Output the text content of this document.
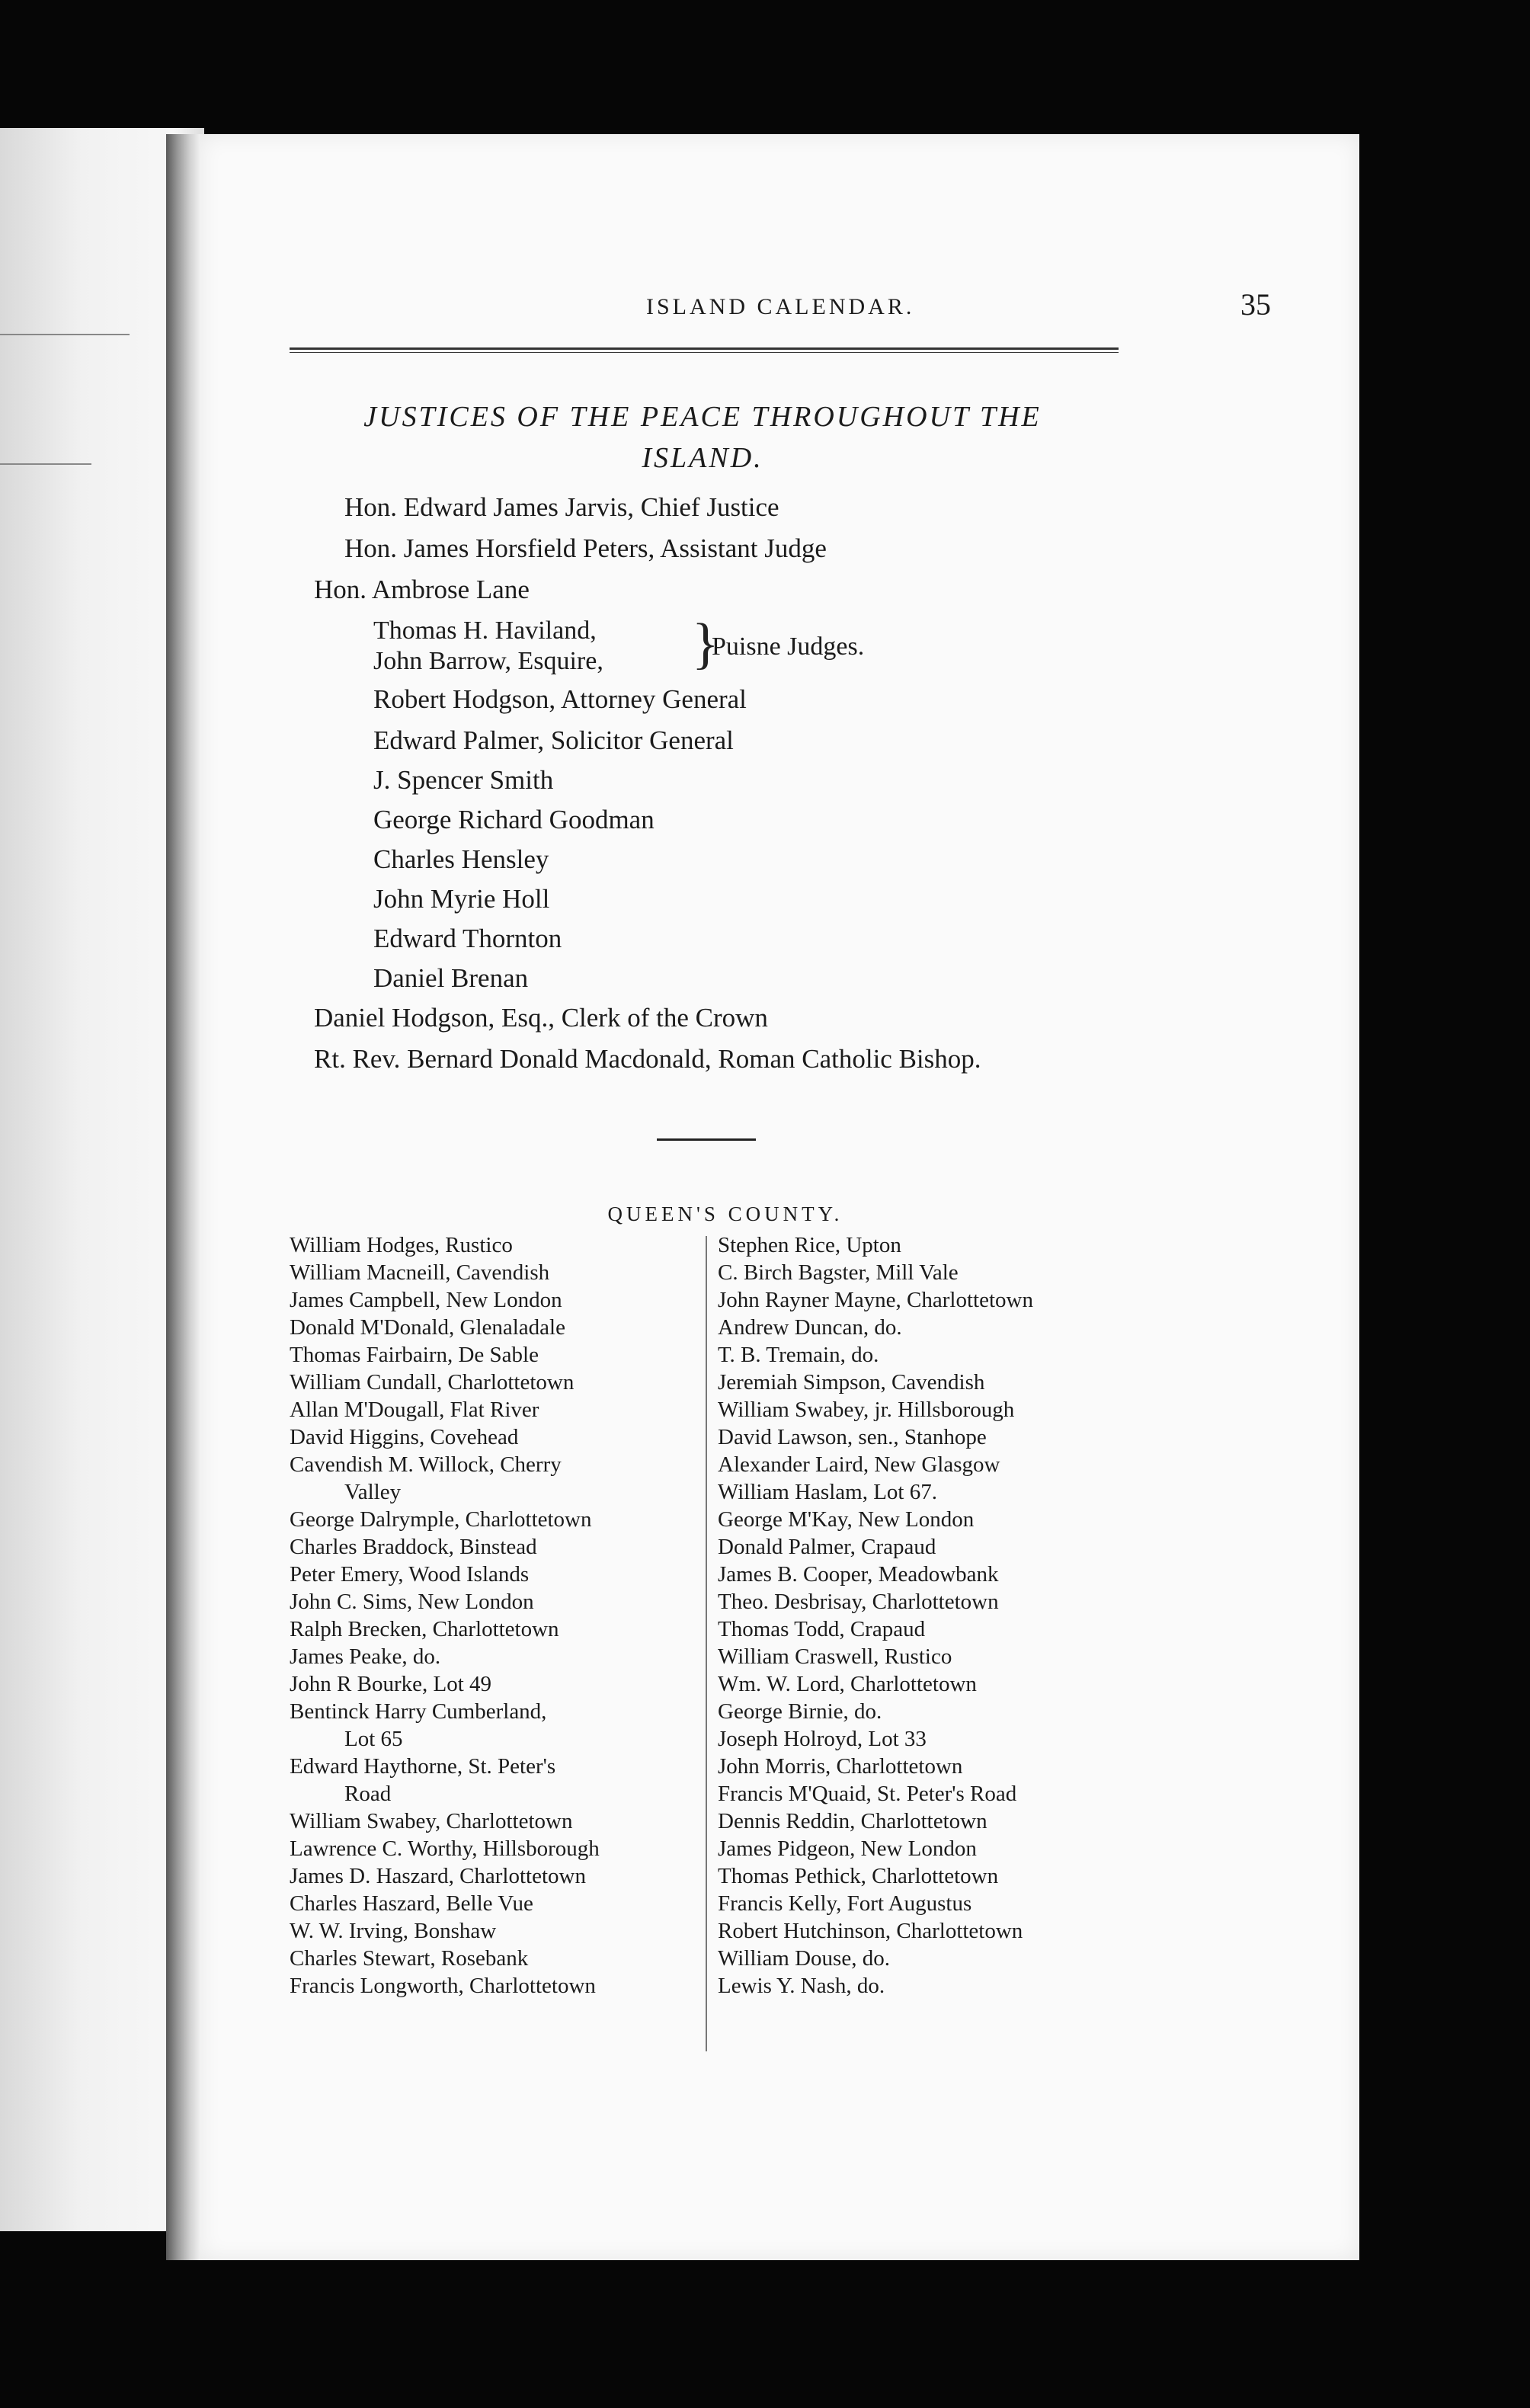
ISLAND CALENDAR.	35
JUSTICES OF THE PEACE THROUGHOUT THE
ISLAND.
Hon. Edward James Jarvis, Chief Justice
Hon. James Horsfield Peters, Assistant Judge
Hon. Ambrose Lane
Thomas H. Haviland,
John Barrow, Esquire, }
Puisne Judges.
Robert Hodgson, Attorney General
Edward Palmer, Solicitor General
J. Spencer Smith
George Richard Goodman
Charles Hensley
John Myrie Holl
Edward Thornton
Daniel Brenan
Daniel Hodgson, Esq., Clerk of the Crown
Rt. Rev. Bernard Donald Macdonald, Roman Catholic Bishop.
QUEEN'S COUNTY.
William Hodges, Rustico
William Macneill, Cavendish
James Campbell, New London
Donald M'Donald, Glenaladale
Thomas Fairbairn, De Sable
William Cundall, Charlottetown
Allan M'Dougall, Flat River
David Higgins, Covehead
Cavendish M. Willock, Cherry
Valley
George Dalrymple, Charlottetown
Charles Braddock, Binstead
Peter Emery, Wood Islands
John C. Sims, New London
Ralph Brecken, Charlottetown
James Peake, do.
John R Bourke, Lot 49
Bentinck Harry Cumberland,
Lot 65
Edward Haythorne, St. Peter's
Road
William Swabey, Charlottetown
Lawrence C. Worthy, Hillsborough
James D. Haszard, Charlottetown
Charles Haszard, Belle Vue
W. W. Irving, Bonshaw
Charles Stewart, Rosebank
Francis Longworth, Charlottetown
Stephen Rice, Upton
C. Birch Bagster, Mill Vale
John Rayner Mayne, Charlottetown
Andrew Duncan, do.
T. B. Tremain, do.
Jeremiah Simpson, Cavendish
William Swabey, jr. Hillsborough
David Lawson, sen., Stanhope
Alexander Laird, New Glasgow
William Haslam, Lot 67.
George M'Kay, New London
Donald Palmer, Crapaud
James B. Cooper, Meadowbank
Theo. Desbrisay, Charlottetown
Thomas Todd, Crapaud
William Craswell, Rustico
Wm. W. Lord, Charlottetown
George Birnie, do.
Joseph Holroyd, Lot 33
John Morris, Charlottetown
Francis M'Quaid, St. Peter's Road
Dennis Reddin, Charlottetown
James Pidgeon, New London
Thomas Pethick, Charlottetown
Francis Kelly, Fort Augustus
Robert Hutchinson, Charlottetown
William Douse, do.
Lewis Y. Nash, do.
